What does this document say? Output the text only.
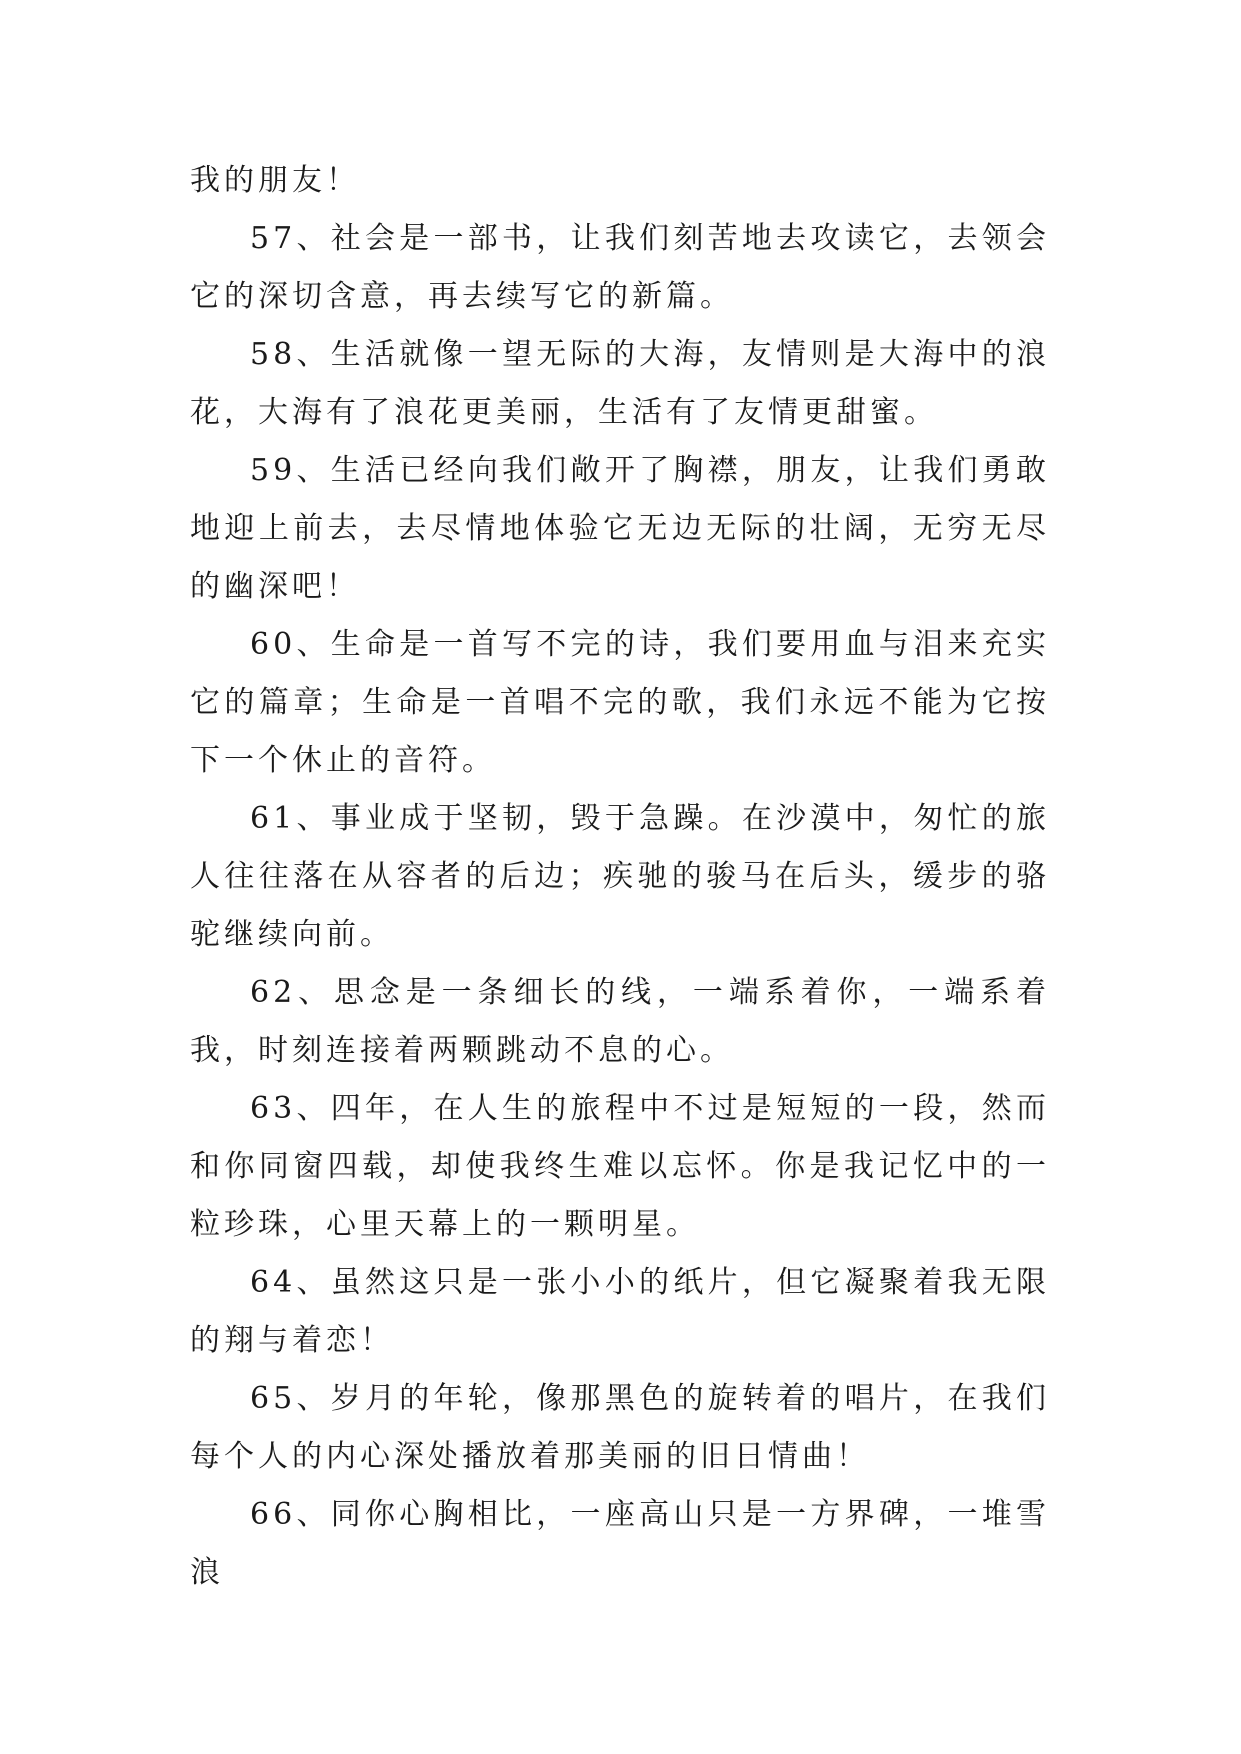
我的朋友！

57、社会是一部书，让我们刻苦地去攻读它，去领会它的深切含意，再去续写它的新篇。

58、生活就像一望无际的大海，友情则是大海中的浪花，大海有了浪花更美丽，生活有了友情更甜蜜。

59、生活已经向我们敞开了胸襟，朋友，让我们勇敢地迎上前去，去尽情地体验它无边无际的壮阔，无穷无尽的幽深吧！

60、生命是一首写不完的诗，我们要用血与泪来充实它的篇章；生命是一首唱不完的歌，我们永远不能为它按下一个休止的音符。

61、事业成于坚韧，毁于急躁。在沙漠中，匆忙的旅人往往落在从容者的后边；疾驰的骏马在后头，缓步的骆驼继续向前。

62、思念是一条细长的线，一端系着你，一端系着我，时刻连接着两颗跳动不息的心。

63、四年，在人生的旅程中不过是短短的一段，然而和你同窗四载，却使我终生难以忘怀。你是我记忆中的一粒珍珠，心里天幕上的一颗明星。

64、虽然这只是一张小小的纸片，但它凝聚着我无限的翔与着恋！

65、岁月的年轮，像那黑色的旋转着的唱片，在我们每个人的内心深处播放着那美丽的旧日情曲！

66、同你心胸相比，一座高山只是一方界碑，一堆雪浪
